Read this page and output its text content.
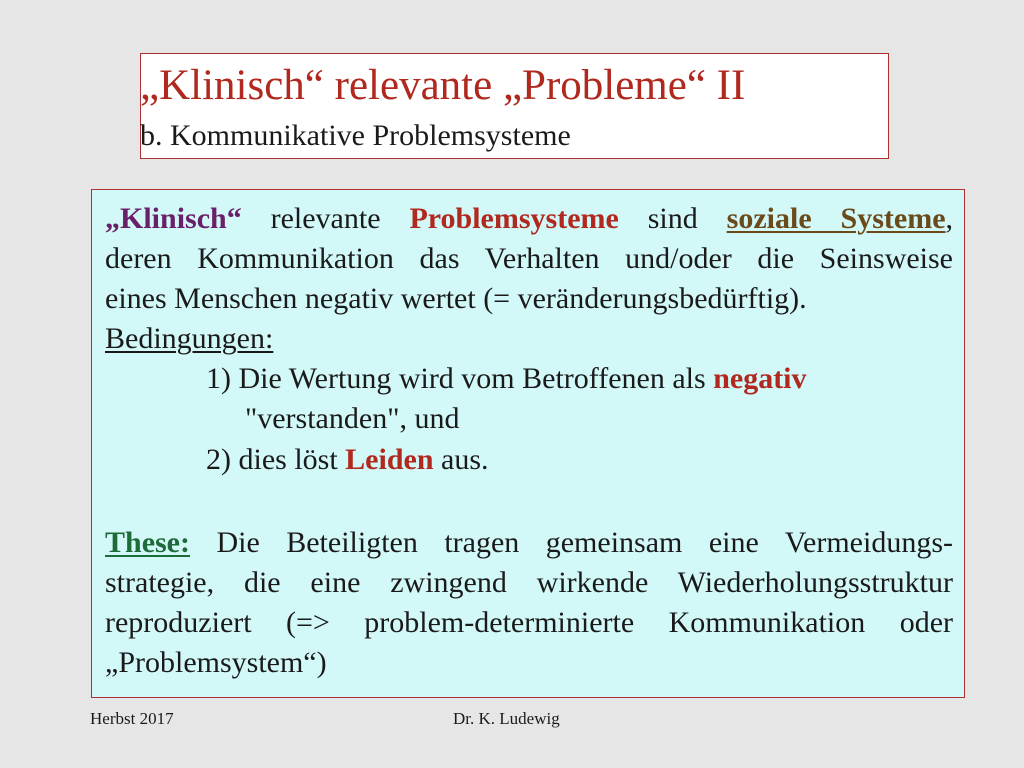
„Klinisch“ relevante „Probleme“ II
b. Kommunikative Problemsysteme
„Klinisch“ relevante Problemsysteme sind soziale Systeme,
deren Kommunikation das Verhalten und/oder die Seinsweise
eines Menschen negativ wertet (= veränderungsbedürftig).
Bedingungen:
1) Die Wertung wird vom Betroffenen als negativ
"verstanden", und
2) dies löst Leiden aus.
These: Die Beteiligten tragen gemeinsam eine Vermeidungs-
strategie, die eine zwingend wirkende Wiederholungsstruktur
reproduziert (=> problem-determinierte Kommunikation oder
„Problemsystem“)
Herbst 2017	Dr. K. Ludewig
